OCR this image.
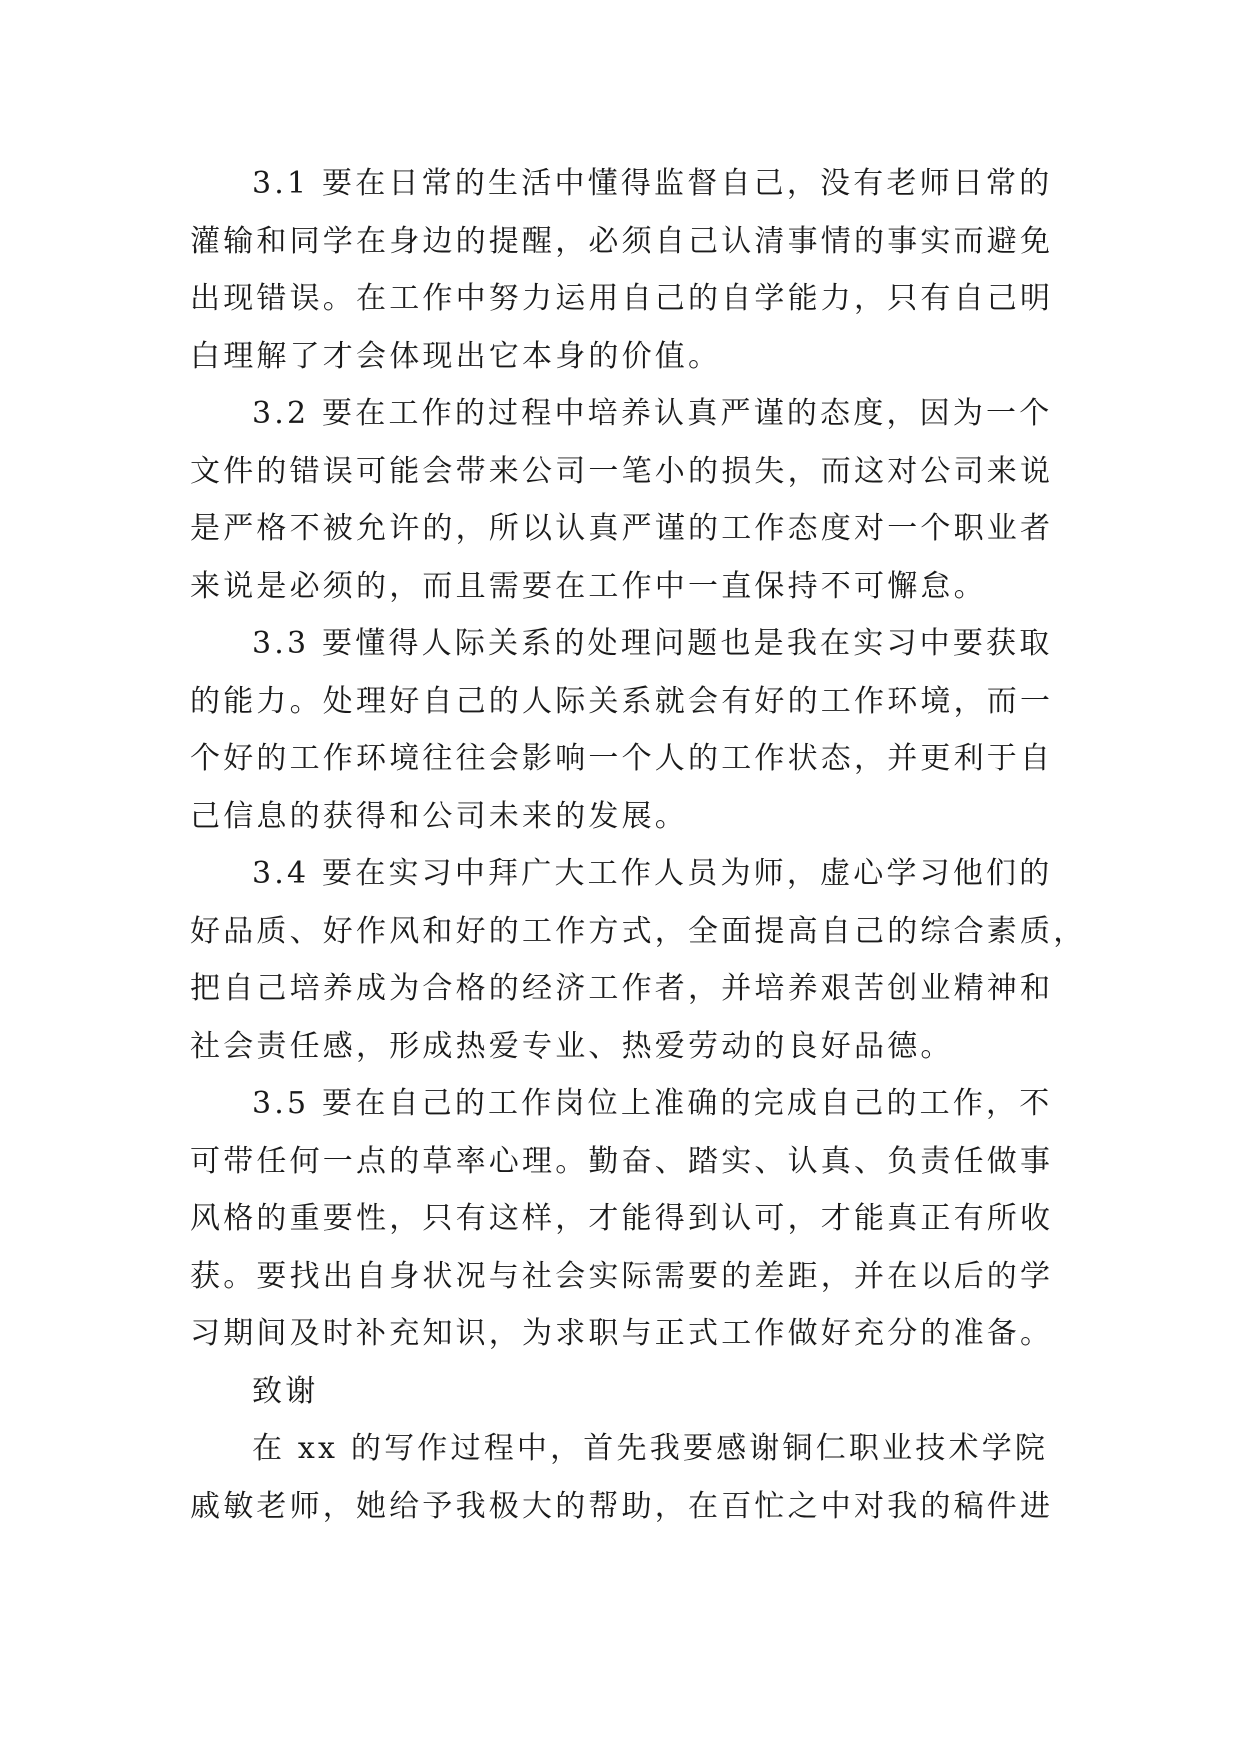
3.1 要在日常的生活中懂得监督自己，没有老师日常的
灌输和同学在身边的提醒，必须自己认清事情的事实而避免
出现错误。在工作中努力运用自己的自学能力，只有自己明
白理解了才会体现出它本身的价值。
3.2 要在工作的过程中培养认真严谨的态度，因为一个
文件的错误可能会带来公司一笔小的损失，而这对公司来说
是严格不被允许的，所以认真严谨的工作态度对一个职业者
来说是必须的，而且需要在工作中一直保持不可懈怠。
3.3 要懂得人际关系的处理问题也是我在实习中要获取
的能力。处理好自己的人际关系就会有好的工作环境，而一
个好的工作环境往往会影响一个人的工作状态，并更利于自
己信息的获得和公司未来的发展。
3.4 要在实习中拜广大工作人员为师，虚心学习他们的
好品质、好作风和好的工作方式，全面提高自己的综合素质，
把自己培养成为合格的经济工作者，并培养艰苦创业精神和
社会责任感，形成热爱专业、热爱劳动的良好品德。
3.5 要在自己的工作岗位上准确的完成自己的工作，不
可带任何一点的草率心理。勤奋、踏实、认真、负责任做事
风格的重要性，只有这样，才能得到认可，才能真正有所收
获。要找出自身状况与社会实际需要的差距，并在以后的学
习期间及时补充知识，为求职与正式工作做好充分的准备。
致谢
在 xx 的写作过程中，首先我要感谢铜仁职业技术学院
戚敏老师，她给予我极大的帮助，在百忙之中对我的稿件进
